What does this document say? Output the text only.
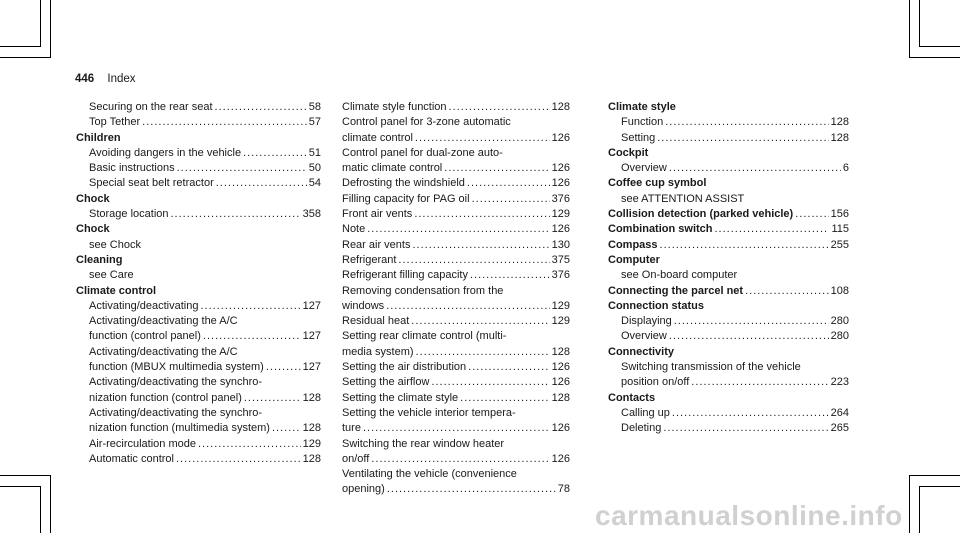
446 Index
Securing on the rear seat .....	58
Top Tether .....	57
Children
Avoiding dangers in the vehicle .....	51
Basic instructions .....	50
Special seat belt retractor .....	54
Chock
Storage location .....	358
Chock
see Chock
Cleaning
see Care
Climate control
Activating/deactivating .....	127
Activating/deactivating the A/C
function (control panel) .....	127
Activating/deactivating the A/C
function (MBUX multimedia system) .....	127
Activating/deactivating the synchro-
nization function (control panel) .....	128
Activating/deactivating the synchro-
nization function (multimedia system) .....	128
Air-recirculation mode .....	129
Automatic control .....	128
Climate style function .....	128
Control panel for 3-zone automatic
climate control .....	126
Control panel for dual-zone auto-
matic climate control .....	126
Defrosting the windshield .....	126
Filling capacity for PAG oil .....	376
Front air vents .....	129
Note .....	126
Rear air vents .....	130
Refrigerant .....	375
Refrigerant filling capacity .....	376
Removing condensation from the
windows .....	129
Residual heat .....	129
Setting rear climate control (multi-
media system) .....	128
Setting the air distribution .....	126
Setting the airflow .....	126
Setting the climate style .....	128
Setting the vehicle interior tempera-
ture .....	126
Switching the rear window heater
on/off .....	126
Ventilating the vehicle (convenience
opening) .....	78
Climate style
Function .....	128
Setting .....	128
Cockpit
Overview .....	6
Coffee cup symbol
see ATTENTION ASSIST
Collision detection (parked vehicle) .....	156
Combination switch .....	115
Compass .....	255
Computer
see On-board computer
Connecting the parcel net .....	108
Connection status
Displaying .....	280
Overview .....	280
Connectivity
Switching transmission of the vehicle
position on/off .....	223
Contacts
Calling up .....	264
Deleting .....	265
carmanualsonline.info
